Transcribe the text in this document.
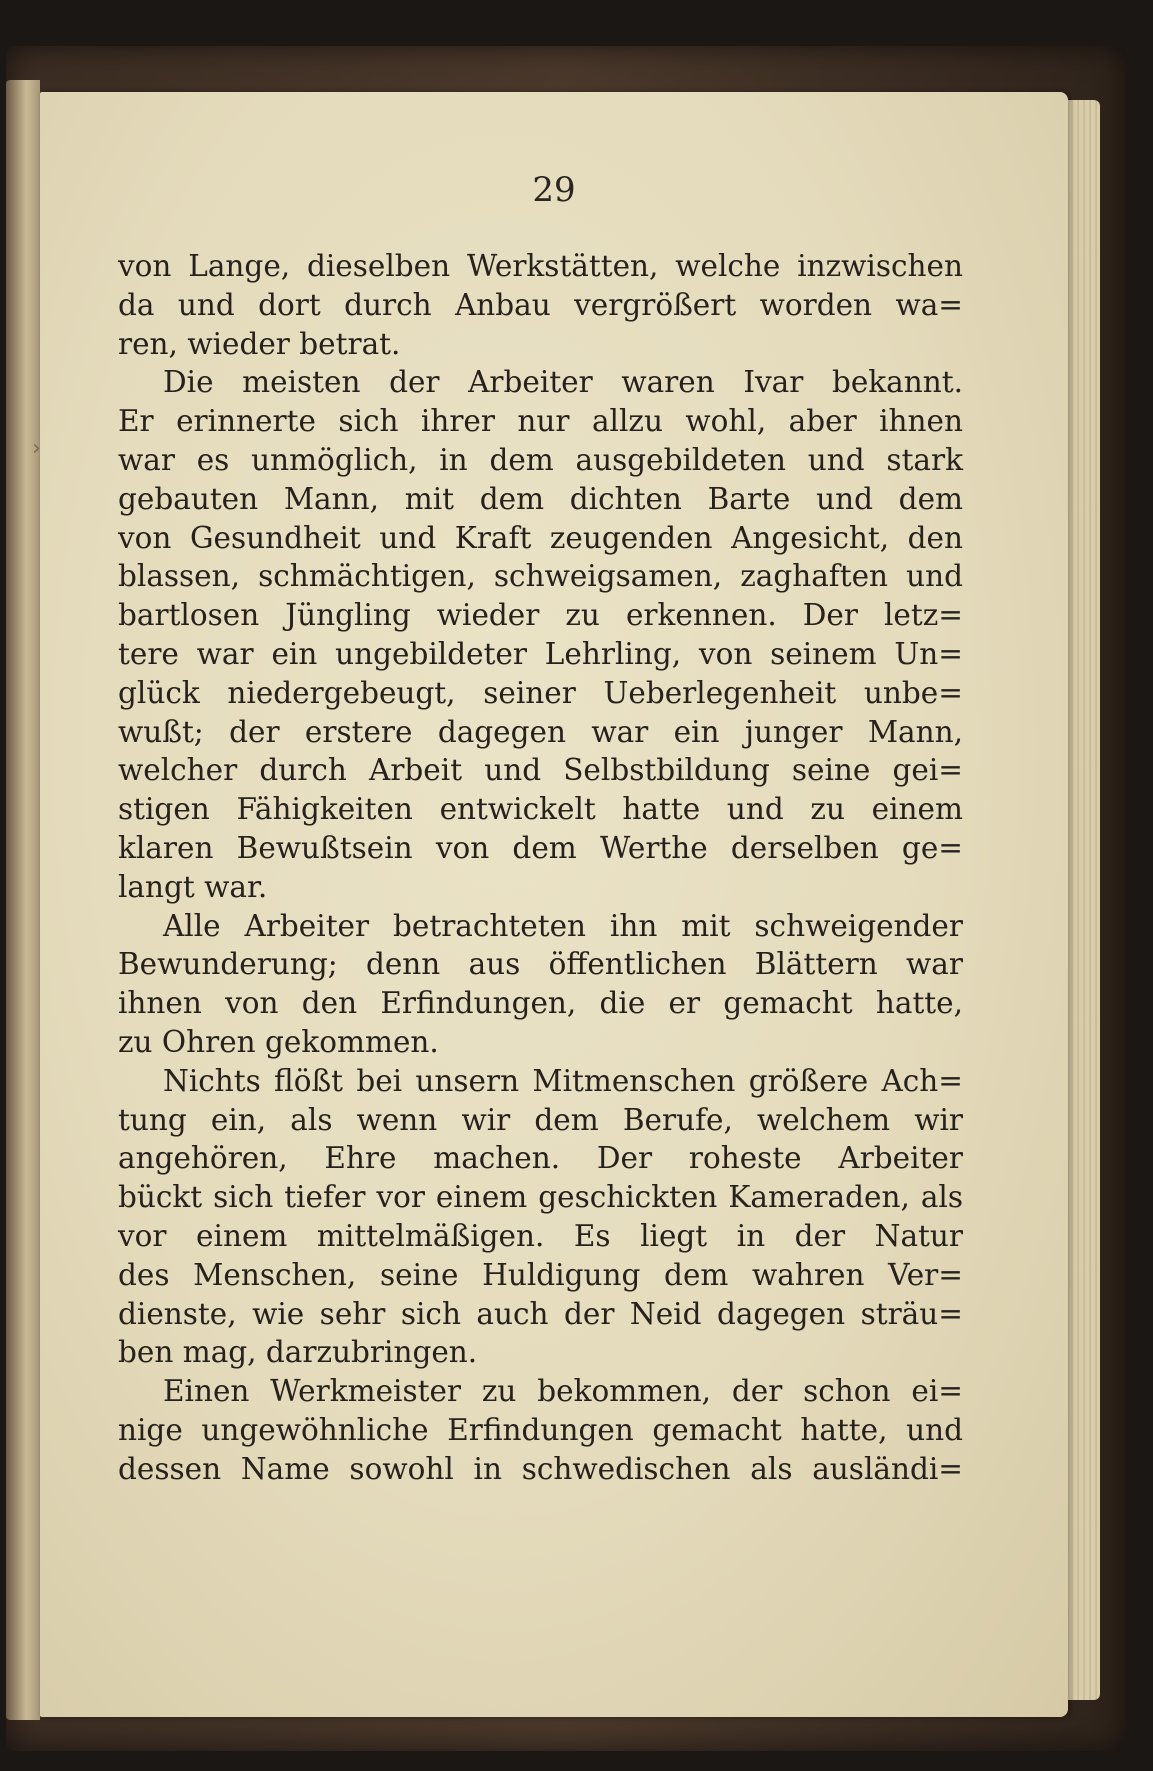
29
von Lange, dieselben Werkstätten, welche inzwischen
da und dort durch Anbau vergrößert worden wa=
ren, wieder betrat.
Die meisten der Arbeiter waren Ivar bekannt.
Er erinnerte sich ihrer nur allzu wohl, aber ihnen
war es unmöglich, in dem ausgebildeten und stark
gebauten Mann, mit dem dichten Barte und dem
von Gesundheit und Kraft zeugenden Angesicht, den
blassen, schmächtigen, schweigsamen, zaghaften und
bartlosen Jüngling wieder zu erkennen. Der letz=
tere war ein ungebildeter Lehrling, von seinem Un=
glück niedergebeugt, seiner Ueberlegenheit unbe=
wußt; der erstere dagegen war ein junger Mann,
welcher durch Arbeit und Selbstbildung seine gei=
stigen Fähigkeiten entwickelt hatte und zu einem
klaren Bewußtsein von dem Werthe derselben ge=
langt war.
Alle Arbeiter betrachteten ihn mit schweigender
Bewunderung; denn aus öffentlichen Blättern war
ihnen von den Erfindungen, die er gemacht hatte,
zu Ohren gekommen.
Nichts flößt bei unsern Mitmenschen größere Ach=
tung ein, als wenn wir dem Berufe, welchem wir
angehören, Ehre machen. Der roheste Arbeiter
bückt sich tiefer vor einem geschickten Kameraden, als
vor einem mittelmäßigen. Es liegt in der Natur
des Menschen, seine Huldigung dem wahren Ver=
dienste, wie sehr sich auch der Neid dagegen sträu=
ben mag, darzubringen.
Einen Werkmeister zu bekommen, der schon ei=
nige ungewöhnliche Erfindungen gemacht hatte, und
dessen Name sowohl in schwedischen als ausländi=
›
